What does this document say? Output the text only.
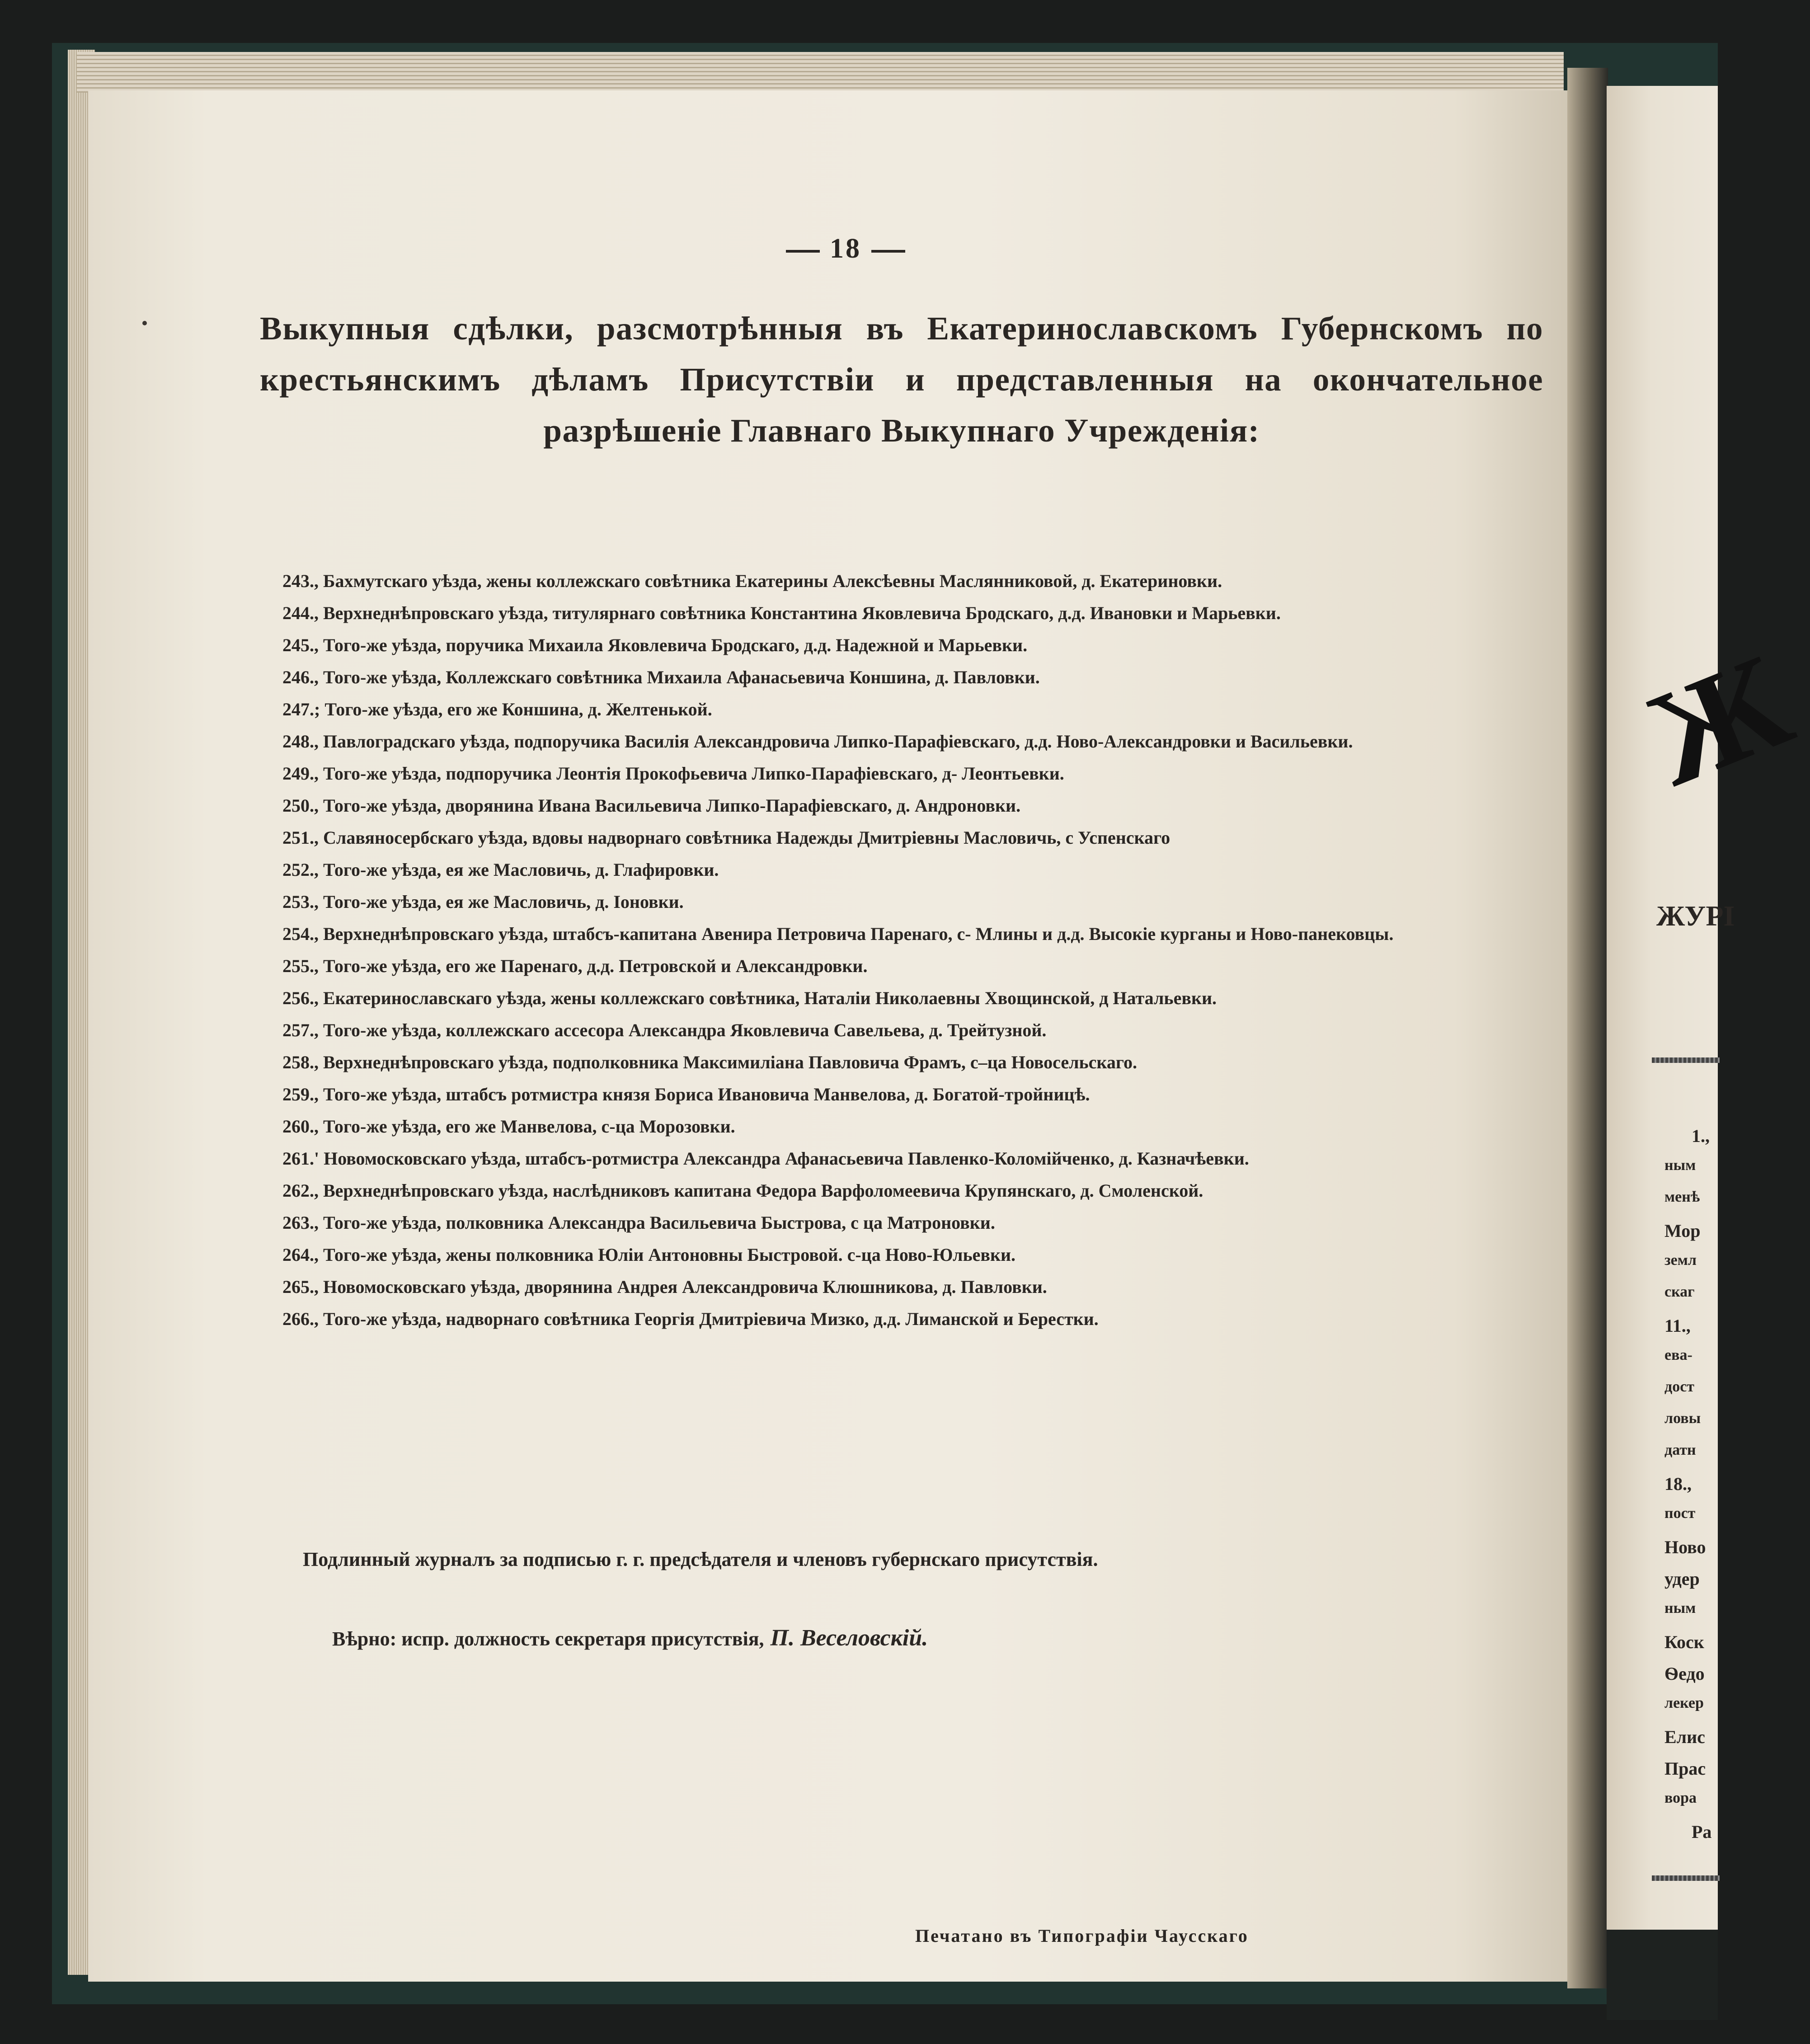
18

Выкупныя сдѣлки, разсмотрѣнныя въ Екатеринославскомъ Губернскомъ по крестьянскимъ дѣламъ Присутствіи и представленныя на окончательное разрѣшеніе Главнаго Выкупнаго Учрежденія:

243., Бахмутскаго уѣзда, жены коллежскаго совѣтника Екатерины Алексѣевны Маслянниковой, д. Екатериновки.

244., Верхнеднѣпровскаго уѣзда, титулярнаго совѣтника Константина Яковлевича Бродскаго, д.д. Ивановки и Марьевки.

245., Того-же уѣзда, поручика Михаила Яковлевича Бродскаго, д.д. Надежной и Марьевки.

246., Того-же уѣзда, Коллежскаго совѣтника Михаила Афанасьевича Коншина, д. Павловки.

247.; Того-же уѣзда, его же Коншина, д. Желтенькой.

248., Павлоградскаго уѣзда, подпоручика Василія Александровича Липко-Парафіевскаго, д.д. Ново-Александровки и Васильевки.

249., Того-же уѣзда, подпоручика Леонтія Прокофьевича Липко-Парафіевскаго, д- Леонтьевки.

250., Того-же уѣзда, дворянина Ивана Васильевича Липко-Парафіевскаго, д. Андроновки.

251., Славяносербскаго уѣзда, вдовы надворнаго совѣтника Надежды Дмитріевны Масловичь, с Успенскаго

252., Того-же уѣзда, ея же Масловичь, д. Глафировки.

253., Того-же уѣзда, ея же Масловичь, д. Іоновки.

254., Верхнеднѣпровскаго уѣзда, штабсъ-капитана Авенира Петровича Паренаго, с- Млины и д.д. Высокіе курганы и Ново-панековцы.

255., Того-же уѣзда, его же Паренаго, д.д. Петровской и Александровки.

256., Екатеринославскаго уѣзда, жены коллежскаго совѣтника, Наталіи Николаевны Хвощинской, д Натальевки.

257., Того-же уѣзда, коллежскаго ассесора Александра Яковлевича Савельева, д. Трейтузной.

258., Верхнеднѣпровскаго уѣзда, подполковника Максимиліана Павловича Фрамъ, с–ца Новосельскаго.

259., Того-же уѣзда, штабсъ ротмистра князя Бориса Ивановича Манвелова, д. Богатой-тройницѣ.

260., Того-же уѣзда, его же Манвелова, с-ца Морозовки.

261.' Новомосковскаго уѣзда, штабсъ-ротмистра Александра Афанасьевича Павленко-Коломійченко, д. Казначѣевки.

262., Верхнеднѣпровскаго уѣзда, наслѣдниковъ капитана Федора Варфоломеевича Крупянскаго, д. Смоленской.

263., Того-же уѣзда, полковника Александра Васильевича Быстрова, с ца Матроновки.

264., Того-же уѣзда, жены полковника Юліи Антоновны Быстровой. с-ца Ново-Юльевки.

265., Новомосковскаго уѣзда, дворянина Андрея Александровича Клюшникова, д. Павловки.

266., Того-же уѣзда, надворнаго совѣтника Георгія Дмитріевича Мизко, д.д. Лиманской и Берестки.

Подлинный журналъ за подписью г. г. предсѣдателя и членовъ губернскаго присутствія.

Вѣрно: испр. должность секретаря присутствія, П. Веселовскій.

Печатано въ Типографіи Чаусскаго

Ж
ЖУРІ
1.,
ным
менѣ
Мор
земл
скаг
11.,
ева-
дост
ловы
датн
18.,
пост
Ново
удер
ным
Коск
Ѳедо
лекер
Елис
Прас
вора
Ра
